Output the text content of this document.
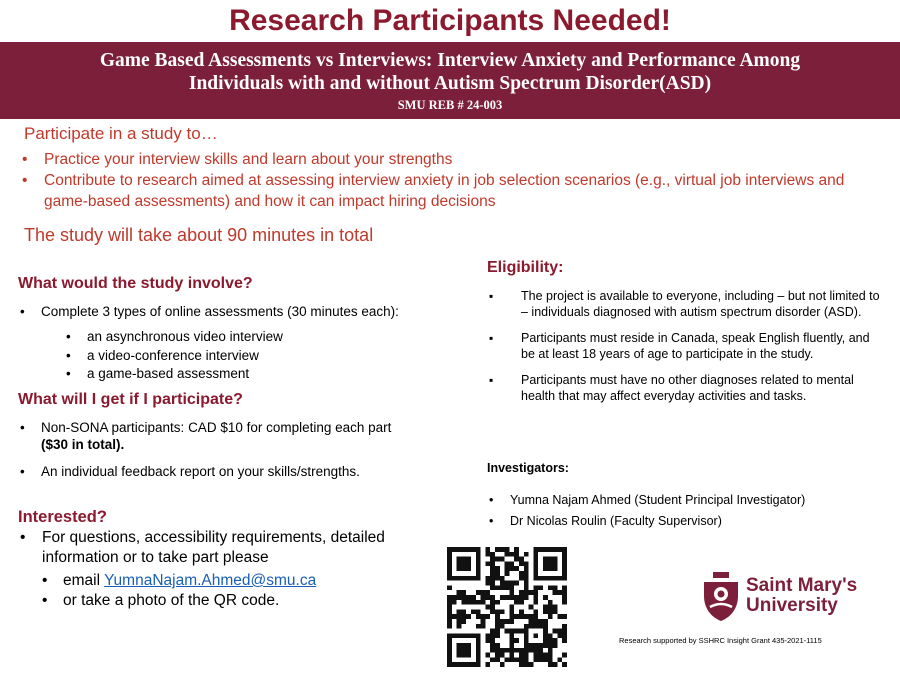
Research Participants Needed!
Game Based Assessments vs Interviews: Interview Anxiety and Performance Among
Individuals with and without Autism Spectrum Disorder(ASD)
SMU REB # 24-003
Participate in a study to…
• Practice your interview skills and learn about your strengths
• Contribute to research aimed at assessing interview anxiety in job selection scenarios (e.g., virtual job interviews and game-based assessments) and how it can impact hiring decisions
The study will take about 90 minutes in total
What would the study involve?
• Complete 3 types of online assessments (30 minutes each):
• an asynchronous video interview
• a video-conference interview
• a game-based assessment
What will I get if I participate?
• Non-SONA participants: CAD $10 for completing each part
($30 in total).
• An individual feedback report on your skills/strengths.
Interested?
• For questions, accessibility requirements, detailed information or to take part please
• email YumnaNajam.Ahmed@smu.ca
• or take a photo of the QR code.
Eligibility:
▪ The project is available to everyone, including – but not limited to – individuals diagnosed with autism spectrum disorder (ASD).
▪ Participants must reside in Canada, speak English fluently, and be at least 18 years of age to participate in the study.
▪ Participants must have no other diagnoses related to mental health that may affect everyday activities and tasks.
Investigators:
• Yumna Najam Ahmed (Student Principal Investigator)
• Dr Nicolas Roulin (Faculty Supervisor)
Saint Mary's
University
Research supported by SSHRC Insight Grant 435-2021-1115
